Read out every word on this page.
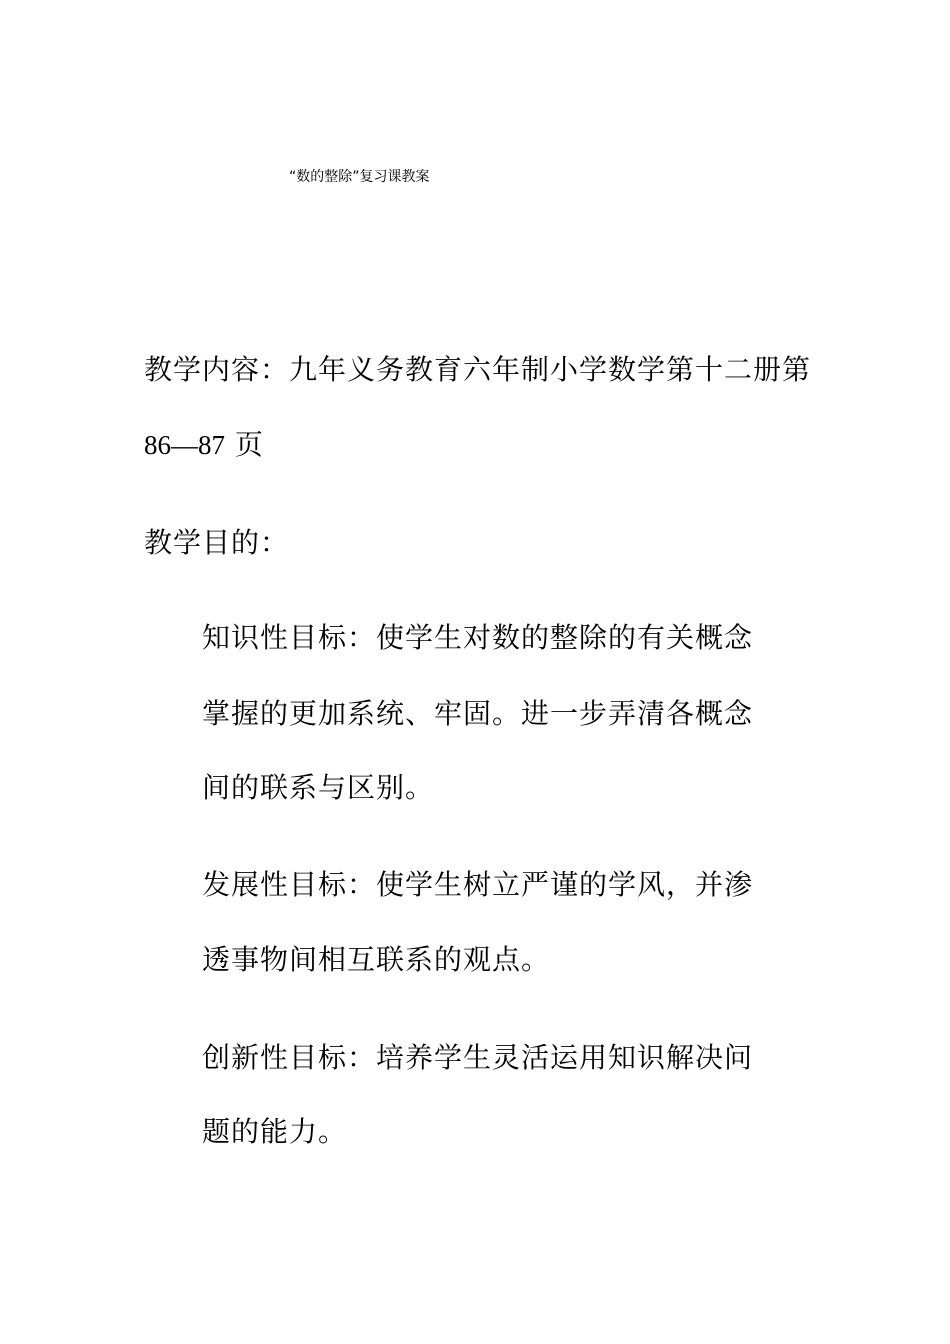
“数的整除”复习课教案
教学内容：九年义务教育六年制小学数学第十二册第
86—87 页
教学目的：
知识性目标：使学生对数的整除的有关概念
掌握的更加系统、牢固。进一步弄清各概念
间的联系与区别。
发展性目标：使学生树立严谨的学风，并渗
透事物间相互联系的观点。
创新性目标：培养学生灵活运用知识解决问
题的能力。
